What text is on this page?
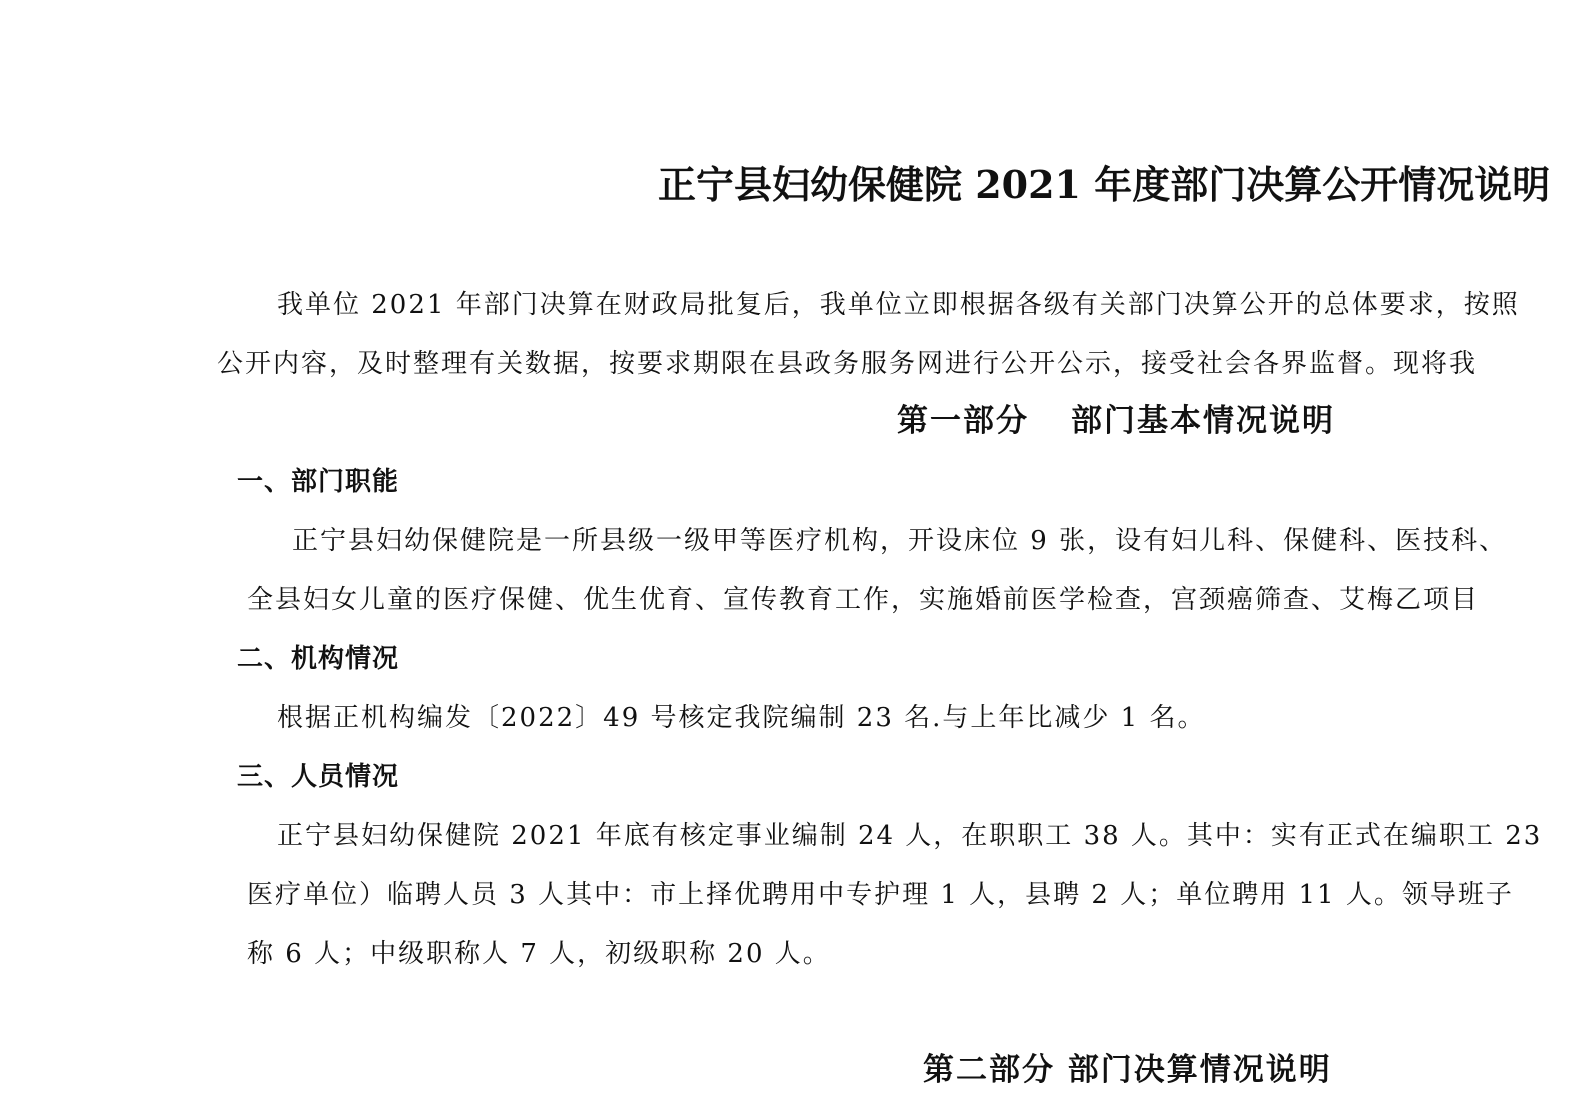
正宁县妇幼保健院 2021 年度部门决算公开情况说明

我单位 2021 年部门决算在财政局批复后，我单位立即根据各级有关部门决算公开的总体要求，按照

公开内容，及时整理有关数据，按要求期限在县政务服务网进行公开公示，接受社会各界监督。现将我

第一部分 部门基本情况说明
一、部门职能

正宁县妇幼保健院是一所县级一级甲等医疗机构，开设床位 9 张，设有妇儿科、保健科、医技科、

全县妇女儿童的医疗保健、优生优育、宣传教育工作，实施婚前医学检查，宫颈癌筛查、艾梅乙项目

二、机构情况

根据正机构编发〔2022〕49 号核定我院编制 23 名.与上年比减少 1 名。

三、人员情况

正宁县妇幼保健院 2021 年底有核定事业编制 24 人，在职职工 38 人。其中：实有正式在编职工 23

医疗单位）临聘人员 3 人其中：市上择优聘用中专护理 1 人，县聘 2 人；单位聘用 11 人。领导班子

称 6 人；中级职称人 7 人，初级职称 20 人。

第二部分 部门决算情况说明
